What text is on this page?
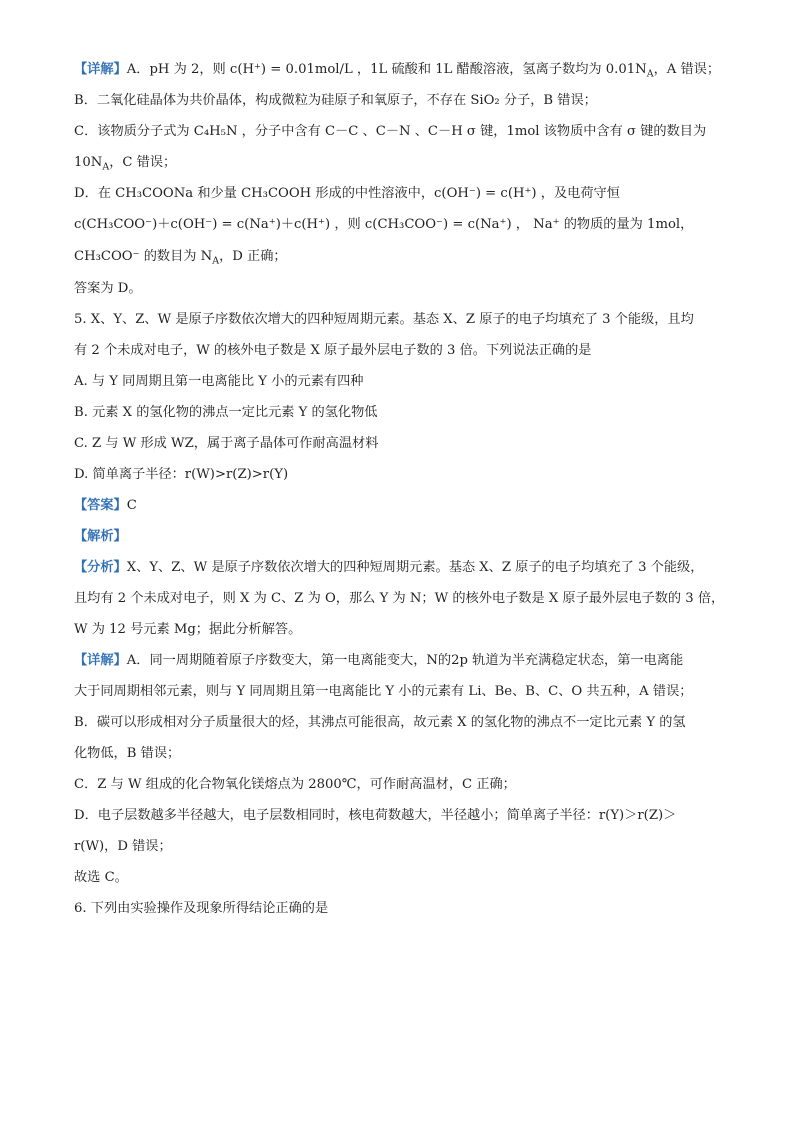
【详解】A．pH 为 2，则 c(H⁺) = 0.01mol/L ，1L 硫酸和 1L 醋酸溶液，氢离子数均为 $0.01N_A$，A 错误；
B．二氧化硅晶体为共价晶体，构成微粒为硅原子和氧原子，不存在 SiO₂ 分子，B 错误；
C．该物质分子式为 C₄H₅N ，分子中含有 C－C 、C－N 、C－H σ 键，1mol 该物质中含有 σ 键的数目为
$10N_A$，C 错误；
D．在 CH₃COONa 和少量 CH₃COOH 形成的中性溶液中，c(OH⁻) = c(H⁺) ，及电荷守恒
c(CH₃COO⁻)＋c(OH⁻) = c(Na⁺)＋c(H⁺) ，则 c(CH₃COO⁻) = c(Na⁺) ， Na⁺ 的物质的量为 1mol，
CH₃COO⁻ 的数目为 $N_A$，D 正确；
答案为 D。
5. X、Y、Z、W 是原子序数依次增大的四种短周期元素。基态 X、Z 原子的电子均填充了 3 个能级，且均
有 2 个未成对电子，W 的核外电子数是 X 原子最外层电子数的 3 倍。下列说法正确的是
A. 与 Y 同周期且第一电离能比 Y 小的元素有四种
B. 元素 X 的氢化物的沸点一定比元素 Y 的氢化物低
C. Z 与 W 形成 WZ，属于离子晶体可作耐高温材料
D. 简单离子半径：r(W)>r(Z)>r(Y)
【答案】C
【解析】
【分析】X、Y、Z、W 是原子序数依次增大的四种短周期元素。基态 X、Z 原子的电子均填充了 3 个能级，
且均有 2 个未成对电子，则 X 为 C、Z 为 O，那么 Y 为 N；W 的核外电子数是 X 原子最外层电子数的 3 倍，
W 为 12 号元素 Mg；据此分析解答。
【详解】A．同一周期随着原子序数变大，第一电离能变大，N的2p 轨道为半充满稳定状态，第一电离能
大于同周期相邻元素，则与 Y 同周期且第一电离能比 Y 小的元素有 Li、Be、B、C、O 共五种，A 错误；
B．碳可以形成相对分子质量很大的烃，其沸点可能很高，故元素 X 的氢化物的沸点不一定比元素 Y 的氢
化物低，B 错误；
C．Z 与 W 组成的化合物氧化镁熔点为 2800℃，可作耐高温材，C 正确；
D．电子层数越多半径越大，电子层数相同时，核电荷数越大，半径越小；简单离子半径：r(Y)＞r(Z)＞
r(W)，D 错误；
故选 C。
6. 下列由实验操作及现象所得结论正确的是
